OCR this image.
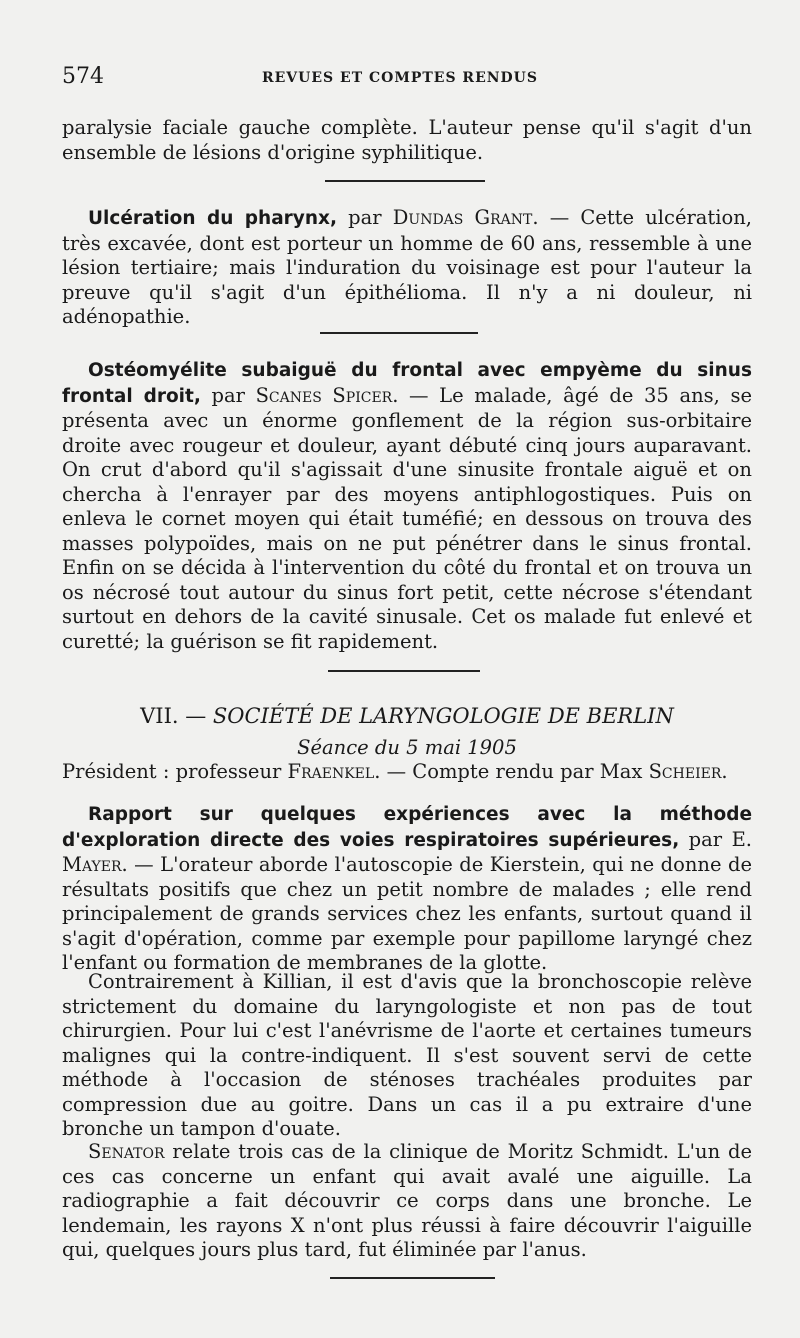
574	REVUES ET COMPTES RENDUS

paralysie faciale gauche complète. L'auteur pense qu'il s'agit d'un ensemble de lésions d'origine syphilitique.

Ulcération du pharynx, par Dundas Grant. — Cette ulcération, très excavée, dont est porteur un homme de 60 ans, ressemble à une lésion tertiaire; mais l'induration du voisinage est pour l'auteur la preuve qu'il s'agit d'un épithélioma. Il n'y a ni douleur, ni adénopathie.
Ostéomyélite subaiguë du frontal avec empyème du sinus frontal droit, par Scanes Spicer. — Le malade, âgé de 35 ans, se présenta avec un énorme gonflement de la région sus-orbitaire droite avec rougeur et douleur, ayant débuté cinq jours auparavant. On crut d'abord qu'il s'agissait d'une sinusite frontale aiguë et on chercha à l'enrayer par des moyens antiphlogostiques. Puis on enleva le cornet moyen qui était tuméfié; en dessous on trouva des masses polypoïdes, mais on ne put pénétrer dans le sinus frontal. Enfin on se décida à l'intervention du côté du frontal et on trouva un os nécrosé tout autour du sinus fort petit, cette nécrose s'étendant surtout en dehors de la cavité sinusale. Cet os malade fut enlevé et curetté; la guérison se fit rapidement.
VII. — SOCIÉTÉ DE LARYNGOLOGIE DE BERLIN
Séance du 5 mai 1905
Président : professeur Fraenkel. — Compte rendu par Max Scheier.
Rapport sur quelques expériences avec la méthode d'exploration directe des voies respiratoires supérieures, par E. Mayer. — L'orateur aborde l'autoscopie de Kierstein, qui ne donne de résultats positifs que chez un petit nombre de malades ; elle rend principalement de grands services chez les enfants, surtout quand il s'agit d'opération, comme par exemple pour papillome laryngé chez l'enfant ou formation de membranes de la glotte.

Contrairement à Killian, il est d'avis que la bronchoscopie relève strictement du domaine du laryngologiste et non pas de tout chirurgien. Pour lui c'est l'anévrisme de l'aorte et certaines tumeurs malignes qui la contre-indiquent. Il s'est souvent servi de cette méthode à l'occasion de sténoses trachéales produites par compression due au goitre. Dans un cas il a pu extraire d'une bronche un tampon d'ouate.

Senator relate trois cas de la clinique de Moritz Schmidt. L'un de ces cas concerne un enfant qui avait avalé une aiguille. La radiographie a fait découvrir ce corps dans une bronche. Le lendemain, les rayons X n'ont plus réussi à faire découvrir l'aiguille qui, quelques jours plus tard, fut éliminée par l'anus.
